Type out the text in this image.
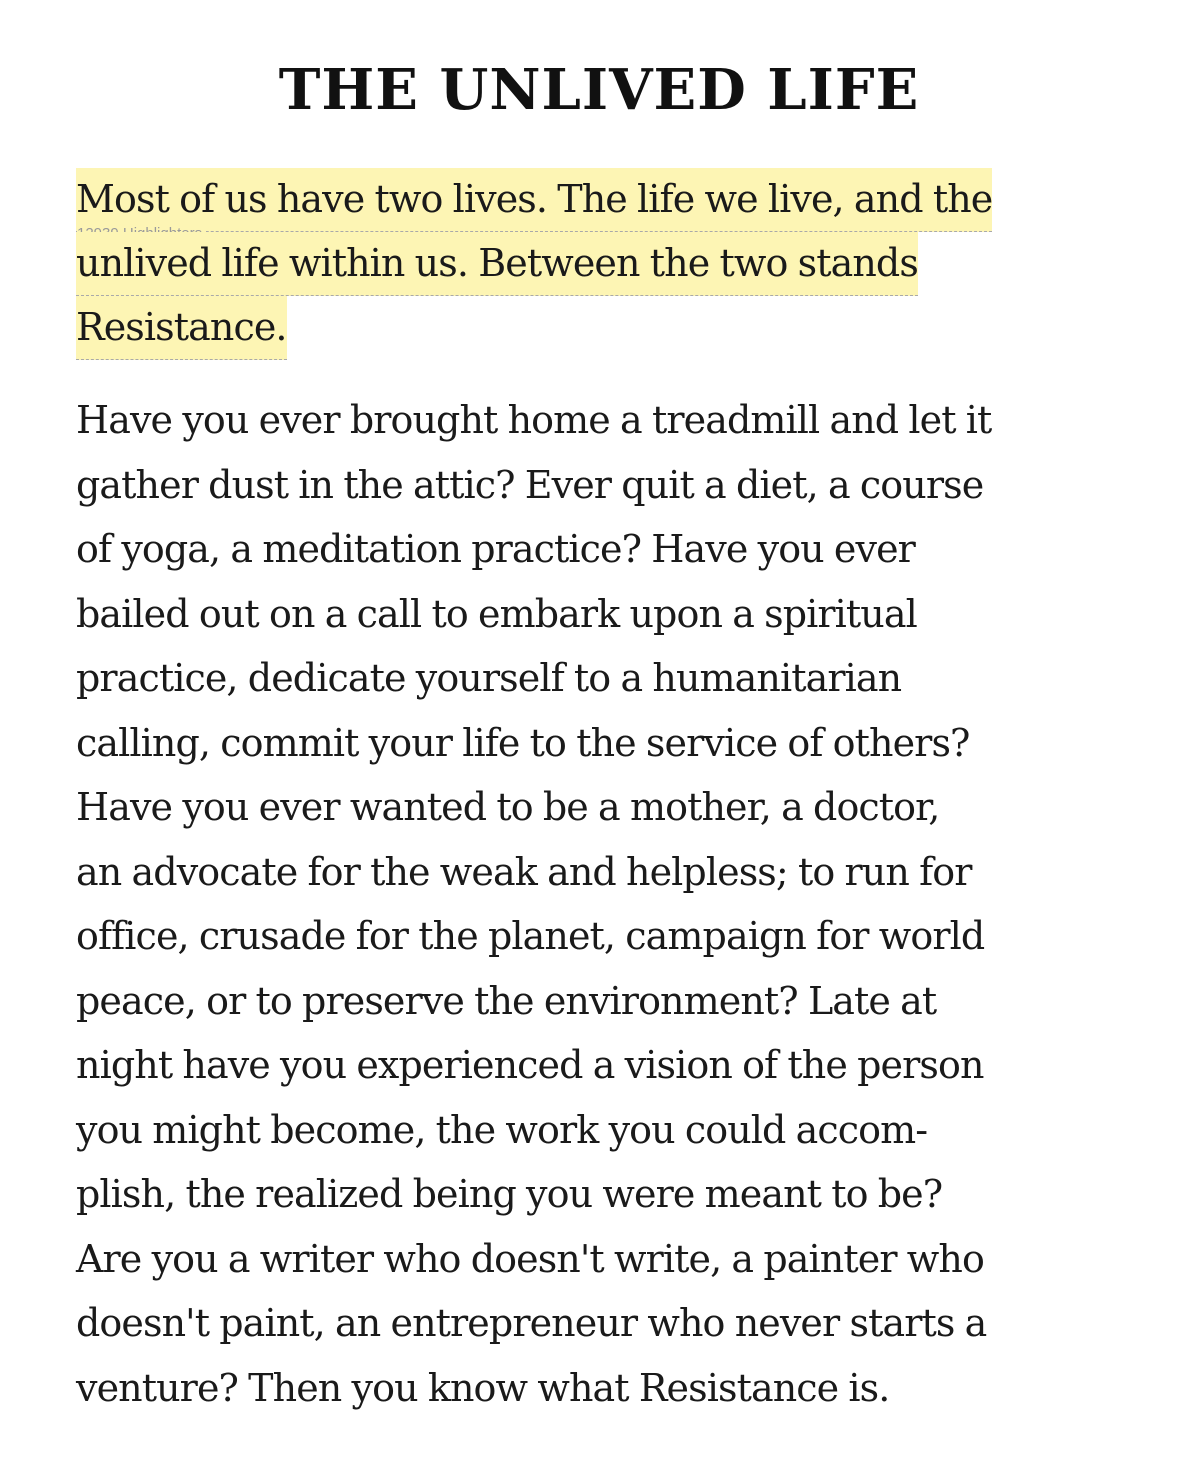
THE UNLIVED LIFE

Most of us have two lives. The life we live, and the
unlived life within us. Between the two stands
Resistance.

Have you ever brought home a treadmill and let it
gather dust in the attic? Ever quit a diet, a course
of yoga, a meditation practice? Have you ever
bailed out on a call to embark upon a spiritual
practice, dedicate yourself to a humanitarian
calling, commit your life to the service of others?
Have you ever wanted to be a mother, a doctor,
an advocate for the weak and helpless; to run for
office, crusade for the planet, campaign for world
peace, or to preserve the environment? Late at
night have you experienced a vision of the person
you might become, the work you could accom-
plish, the realized being you were meant to be?
Are you a writer who doesn't write, a painter who
doesn't paint, an entrepreneur who never starts a
venture? Then you know what Resistance is.
